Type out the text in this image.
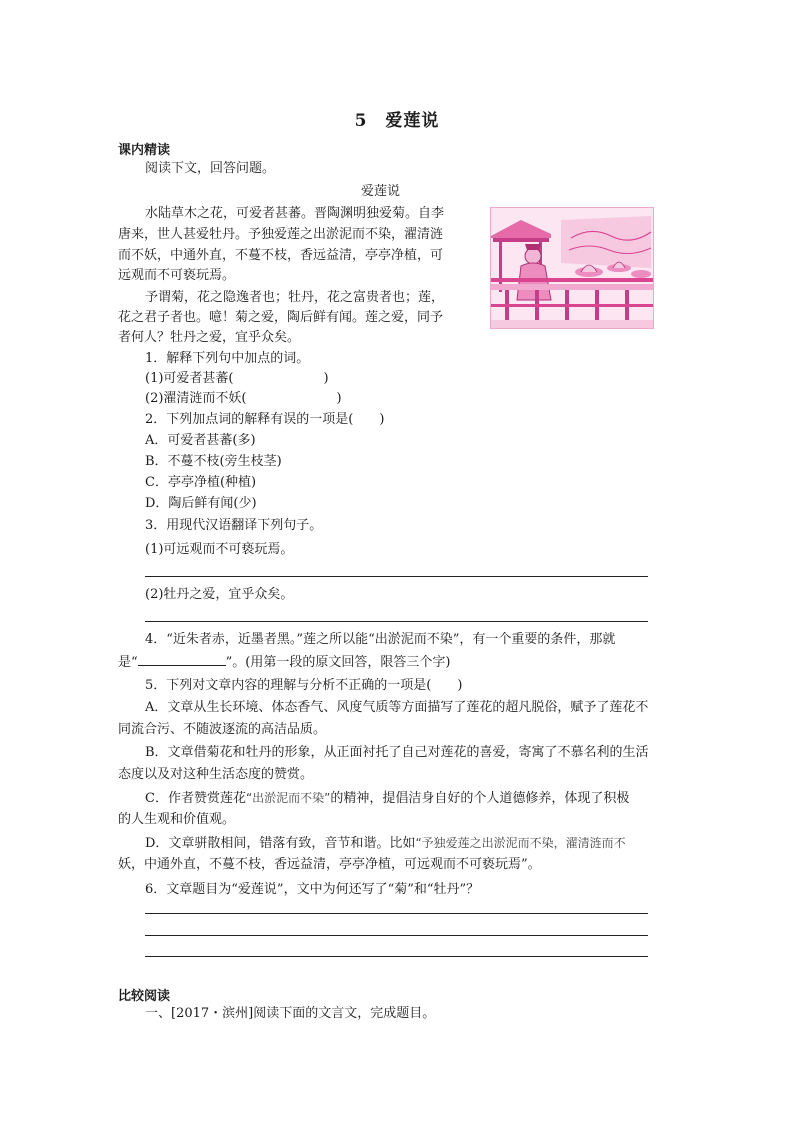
5 爱莲说
课内精读
阅读下文，回答问题。
爱莲说
水陆草木之花，可爱者甚蕃。晋陶渊明独爱菊。自李
唐来，世人甚爱牡丹。予独爱莲之出淤泥而不染，濯清涟
而不妖，中通外直，不蔓不枝，香远益清，亭亭净植，可
远观而不可亵玩焉。
予谓菊，花之隐逸者也；牡丹，花之富贵者也；莲，
花之君子者也。噫！菊之爱，陶后鲜有闻。莲之爱，同予
者何人？牡丹之爱，宜乎众矣。
1．解释下列句中加点的词。
(1)可爱者甚蕃(	)
(2)濯清涟而不妖(	)
2．下列加点词的解释有误的一项是( )
A．可爱者甚蕃(多)
B．不蔓不枝(旁生枝茎)
C．亭亭净植(种植)
D．陶后鲜有闻(少)
3．用现代汉语翻译下列句子。
(1)可远观而不可亵玩焉。
(2)牡丹之爱，宜乎众矣。
4．“近朱者赤，近墨者黑。”莲之所以能“出淤泥而不染”，有一个重要的条件，那就
是“	”。(用第一段的原文回答，限答三个字)
5．下列对文章内容的理解与分析不正确的一项是( )
A．文章从生长环境、体态香气、风度气质等方面描写了莲花的超凡脱俗，赋予了莲花不
同流合污、不随波逐流的高洁品质。
B．文章借菊花和牡丹的形象，从正面衬托了自己对莲花的喜爱，寄寓了不慕名利的生活
态度以及对这种生活态度的赞赏。
C．作者赞赏莲花“出淤泥而不染”的精神，提倡洁身自好的个人道德修养，体现了积极
的人生观和价值观。
D．文章骈散相间，错落有致，音节和谐。比如“予独爱莲之出淤泥而不染，濯清涟而不
妖，中通外直，不蔓不枝，香远益清，亭亭净植，可远观而不可亵玩焉”。
6．文章题目为“爱莲说”，文中为何还写了“菊”和“牡丹”？
比较阅读
一、[2017・滨州]阅读下面的文言文，完成题目。
